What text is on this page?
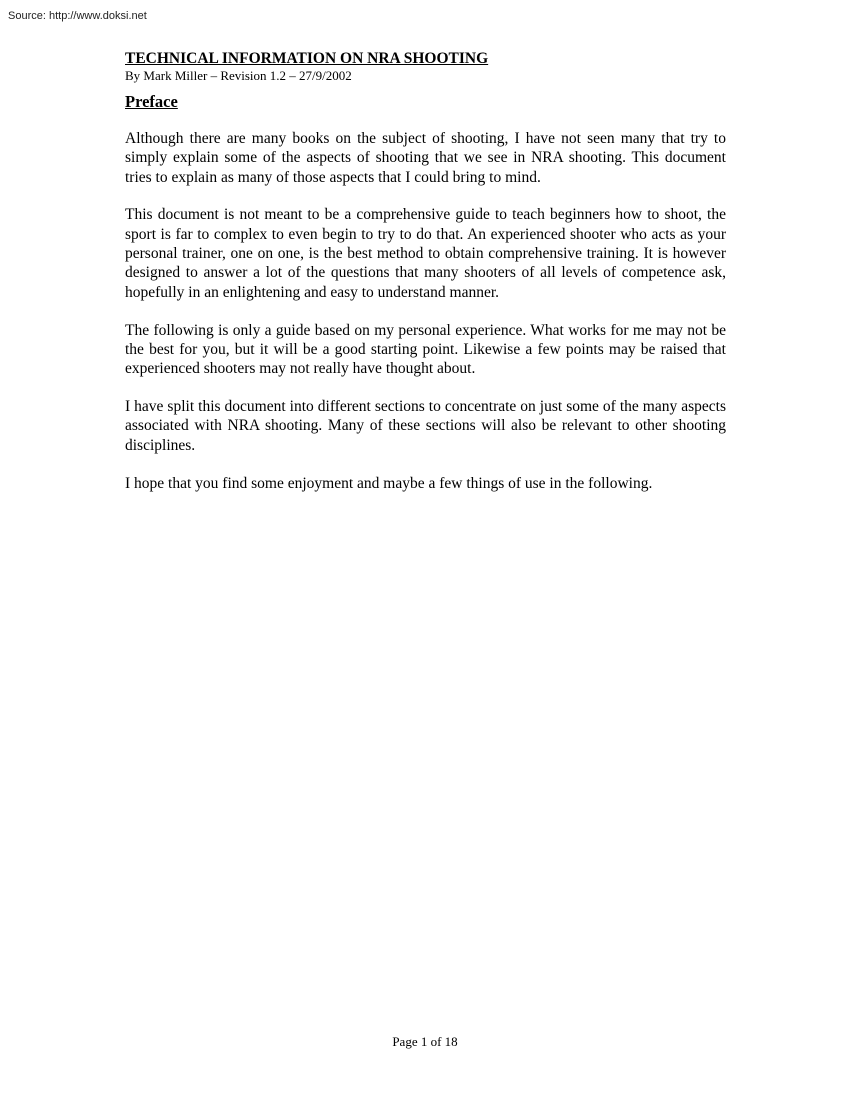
Source: http://www.doksi.net

TECHNICAL INFORMATION ON NRA SHOOTING

By Mark Miller – Revision 1.2 – 27/9/2002

Preface

Although there are many books on the subject of shooting, I have not seen many that try to simply explain some of the aspects of shooting that we see in NRA shooting. This document tries to explain as many of those aspects that I could bring to mind.

This document is not meant to be a comprehensive guide to teach beginners how to shoot, the sport is far to complex to even begin to try to do that. An experienced shooter who acts as your personal trainer, one on one, is the best method to obtain comprehensive training. It is however designed to answer a lot of the questions that many shooters of all levels of competence ask, hopefully in an enlightening and easy to understand manner.

The following is only a guide based on my personal experience. What works for me may not be the best for you, but it will be a good starting point. Likewise a few points may be raised that experienced shooters may not really have thought about.

I have split this document into different sections to concentrate on just some of the many aspects associated with NRA shooting. Many of these sections will also be relevant to other shooting disciplines.

I hope that you find some enjoyment and maybe a few things of use in the following.

Page 1 of 18
